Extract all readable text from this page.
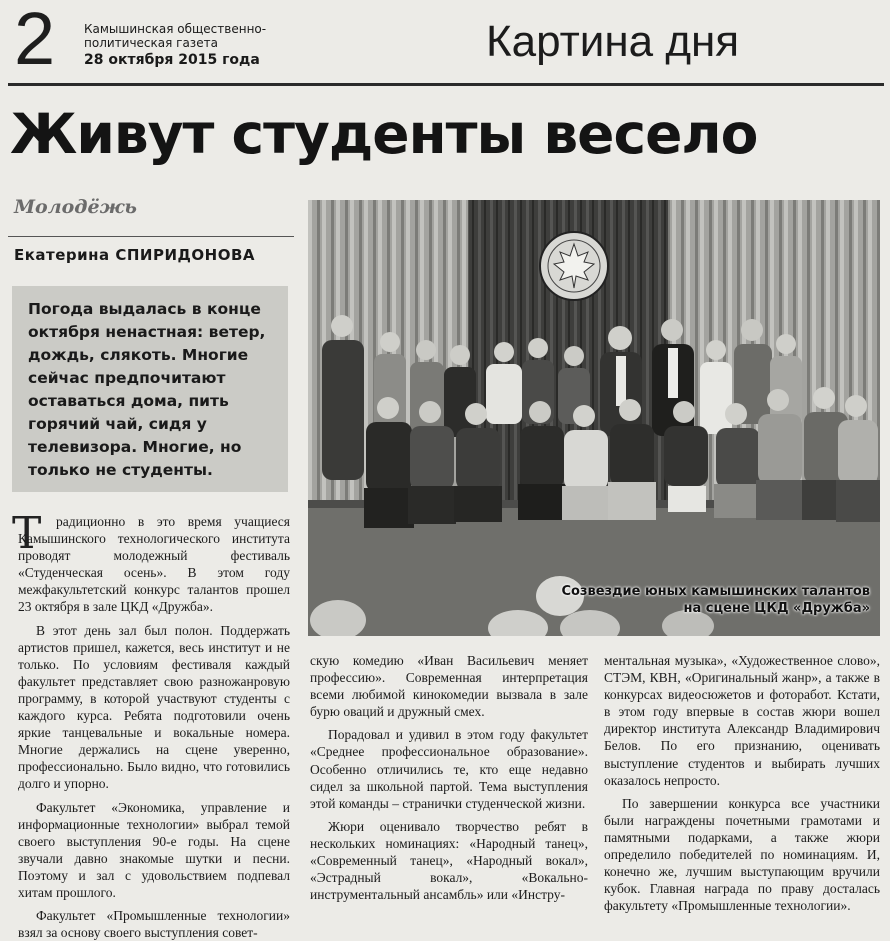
2 Камышинская общественно-политическая газета
28 октября 2015 года	Картина дня
Живут студенты весело
Молодёжь
Екатерина СПИРИДОНОВА
Погода выдалась в конце октября ненастная: ветер, дождь, слякоть. Многие сейчас предпочитают оставаться дома, пить горячий чай, сидя у телевизора. Многие, но только не студенты.
Созвездие юных камышинских талантов
на сцене ЦКД «Дружба»
Т	радиционно в это время учащиеся Камышинского технологического института проводят молодежный фестиваль «Студенческая осень». В этом году межфакультетский конкурс талантов прошел 23 октября в зале ЦКД «Дружба».

В этот день зал был полон. Поддержать артистов пришел, кажется, весь институт и не только. По условиям фестиваля каждый факультет представляет свою разножанровую программу, в которой участвуют студенты с каждого курса. Ребята подготовили очень яркие танцевальные и вокальные номера. Многие держались на сцене уверенно, профессионально. Было видно, что готовились долго и упорно.

Факультет «Экономика, управление и информационные технологии» выбрал темой своего выступления 90-е годы. На сцене звучали давно знакомые шутки и песни. Поэтому и зал с удовольствием подпевал хитам прошлого.

Факультет «Промышленные технологии» взял за основу своего выступления совет-

скую комедию «Иван Васильевич меняет профессию». Современная интерпретация всеми любимой кинокомедии вызвала в зале бурю оваций и дружный смех.

Порадовал и удивил в этом году факультет «Среднее профессиональное образование». Особенно отличились те, кто еще недавно сидел за школьной партой. Тема выступления этой команды – странички студенческой жизни.

Жюри оценивало творчество ребят в нескольких номинациях: «Народный танец», «Современный танец», «Народный вокал», «Эстрадный вокал», «Вокально-инструментальный ансамбль» или «Инстру-

ментальная музыка», «Художественное слово», СТЭМ, КВН, «Оригинальный жанр», а также в конкурсах видеосюжетов и фоторабот. Кстати, в этом году впервые в состав жюри вошел директор института Александр Владимирович Белов. По его признанию, оценивать выступление студентов и выбирать лучших оказалось непросто.

По завершении конкурса все участники были награждены почетными грамотами и памятными подарками, а также жюри определило победителей по номинациям. И, конечно же, лучшим выступающим вручили кубок. Главная награда по праву досталась факультету «Промышленные технологии».
